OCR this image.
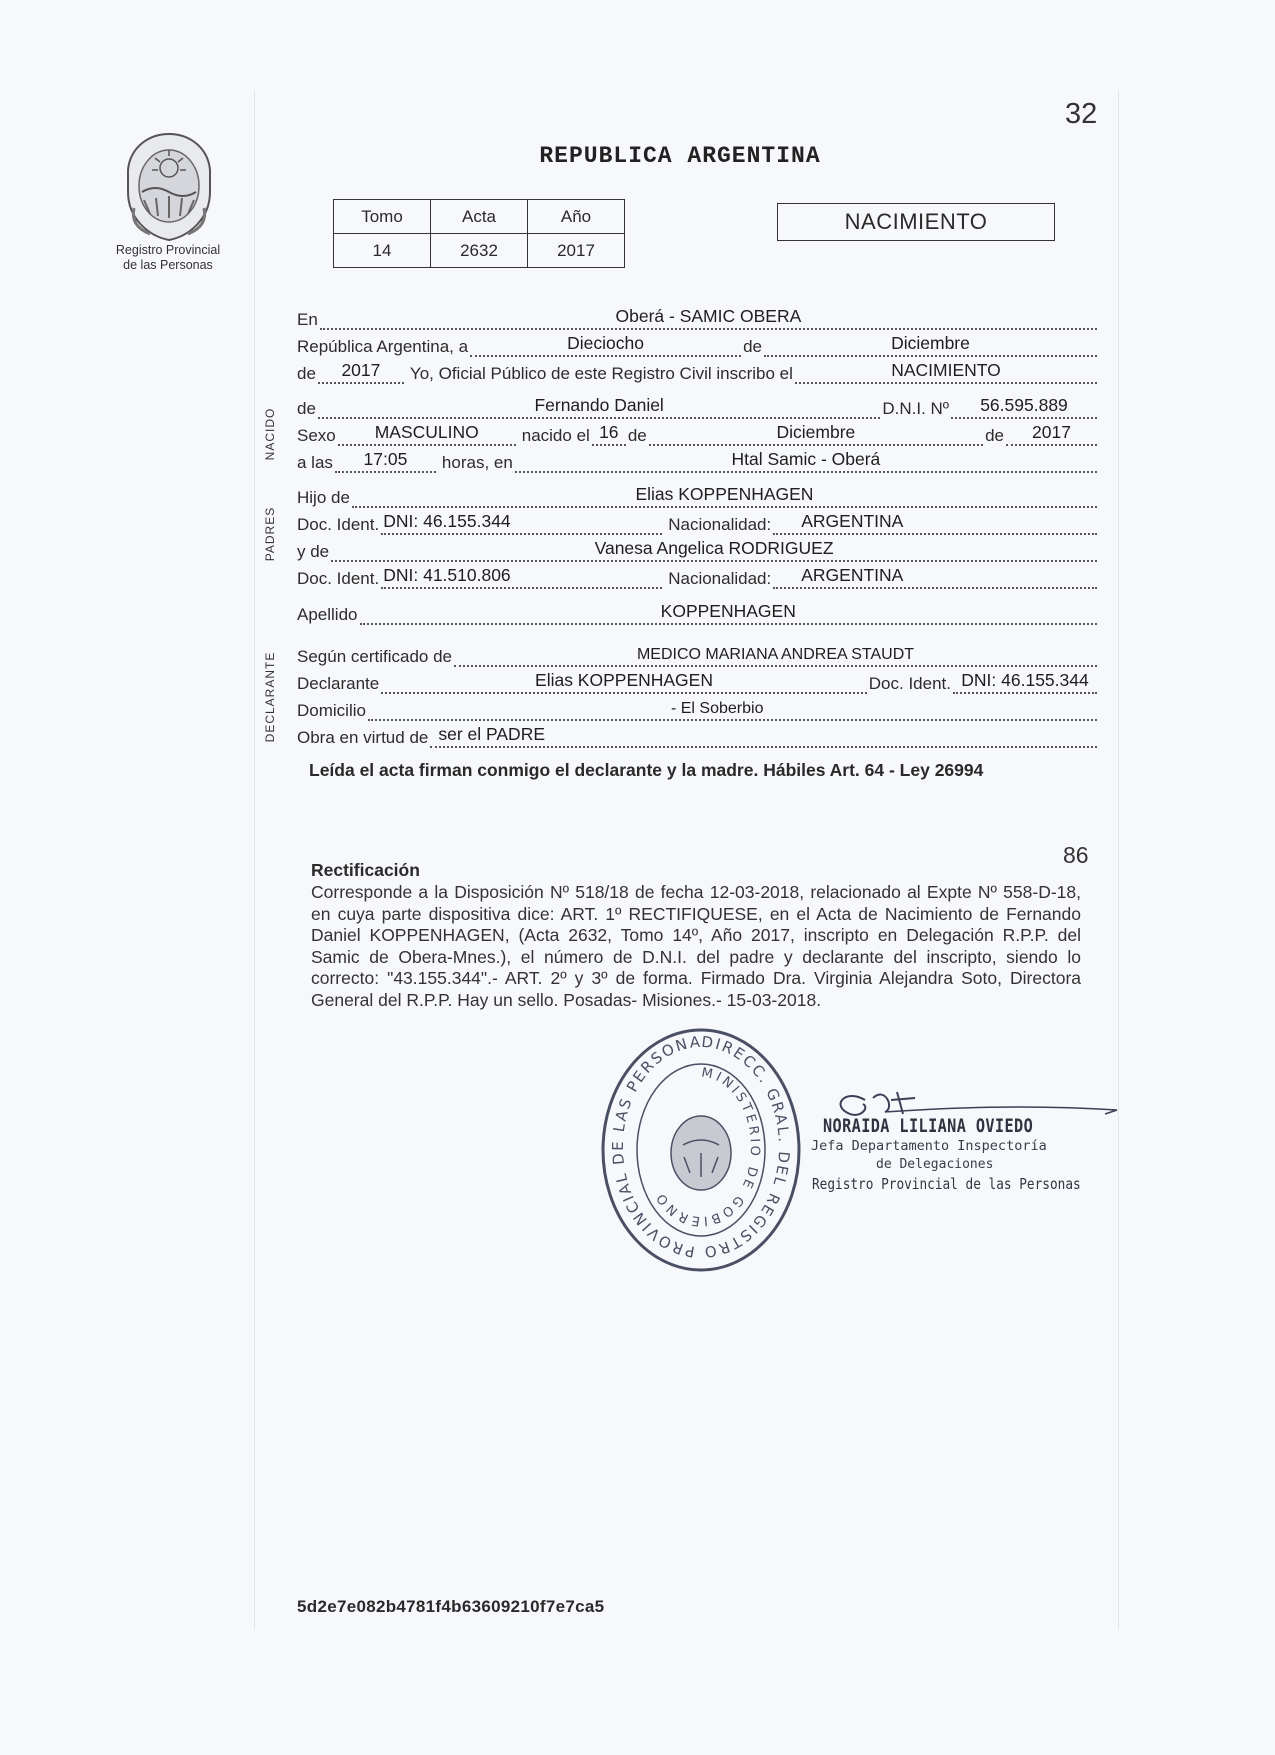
32
REPUBLICA ARGENTINA
Registro Provincial
de las Personas
Tomo	Acta	Año
14	2632	2017
NACIMIENTO
NACIDO
PADRES
DECLARANTE
En	Oberá - SAMIC OBERA
República Argentina, a	Dieciocho	de	Diciembre
de	2017	Yo, Oficial Público de este Registro Civil inscribo el	NACIMIENTO
de	Fernando Daniel	D.N.I. Nº	56.595.889
Sexo	MASCULINO	nacido el 16 de	Diciembre	de	2017
a las	17:05	horas, en	Htal Samic - Oberá
Hijo de	Elias KOPPENHAGEN
Doc. Ident. DNI: 46.155.344	Nacionalidad: ARGENTINA
y de	Vanesa Angelica RODRIGUEZ
Doc. Ident. DNI: 41.510.806	Nacionalidad: ARGENTINA
Apellido	KOPPENHAGEN
Según certificado de	MEDICO MARIANA ANDREA STAUDT
Declarante	Elias KOPPENHAGEN	Doc. Ident. DNI: 46.155.344
Domicilio	- El Soberbio
Obra en virtud de ser el PADRE
Leída el acta firman conmigo el declarante y la madre. Hábiles Art. 64 - Ley 26994
86
Rectificación
Corresponde a la Disposición Nº 518/18 de fecha 12-03-2018, relacionado al Expte Nº 558-D-18, en cuya parte dispositiva dice: ART. 1º RECTIFIQUESE, en el Acta de Nacimiento de Fernando Daniel KOPPENHAGEN, (Acta 2632, Tomo 14º, Año 2017, inscripto en Delegación R.P.P. del Samic de Obera-Mnes.), el número de D.N.I. del padre y declarante del inscripto, siendo lo correcto: "43.155.344".- ART. 2º y 3º de forma. Firmado Dra. Virginia Alejandra Soto, Directora General del R.P.P. Hay un sello. Posadas- Misiones.- 15-03-2018.
DIRECC. GRAL. DEL REGISTRO PROVINCIAL DE LAS PERSONA
MINISTERIO DE GOBIERNO
NORAIDA LILIANA OVIEDO
Jefa Departamento Inspectoría
de Delegaciones
Registro Provincial de las Personas
5d2e7e082b4781f4b63609210f7e7ca5
